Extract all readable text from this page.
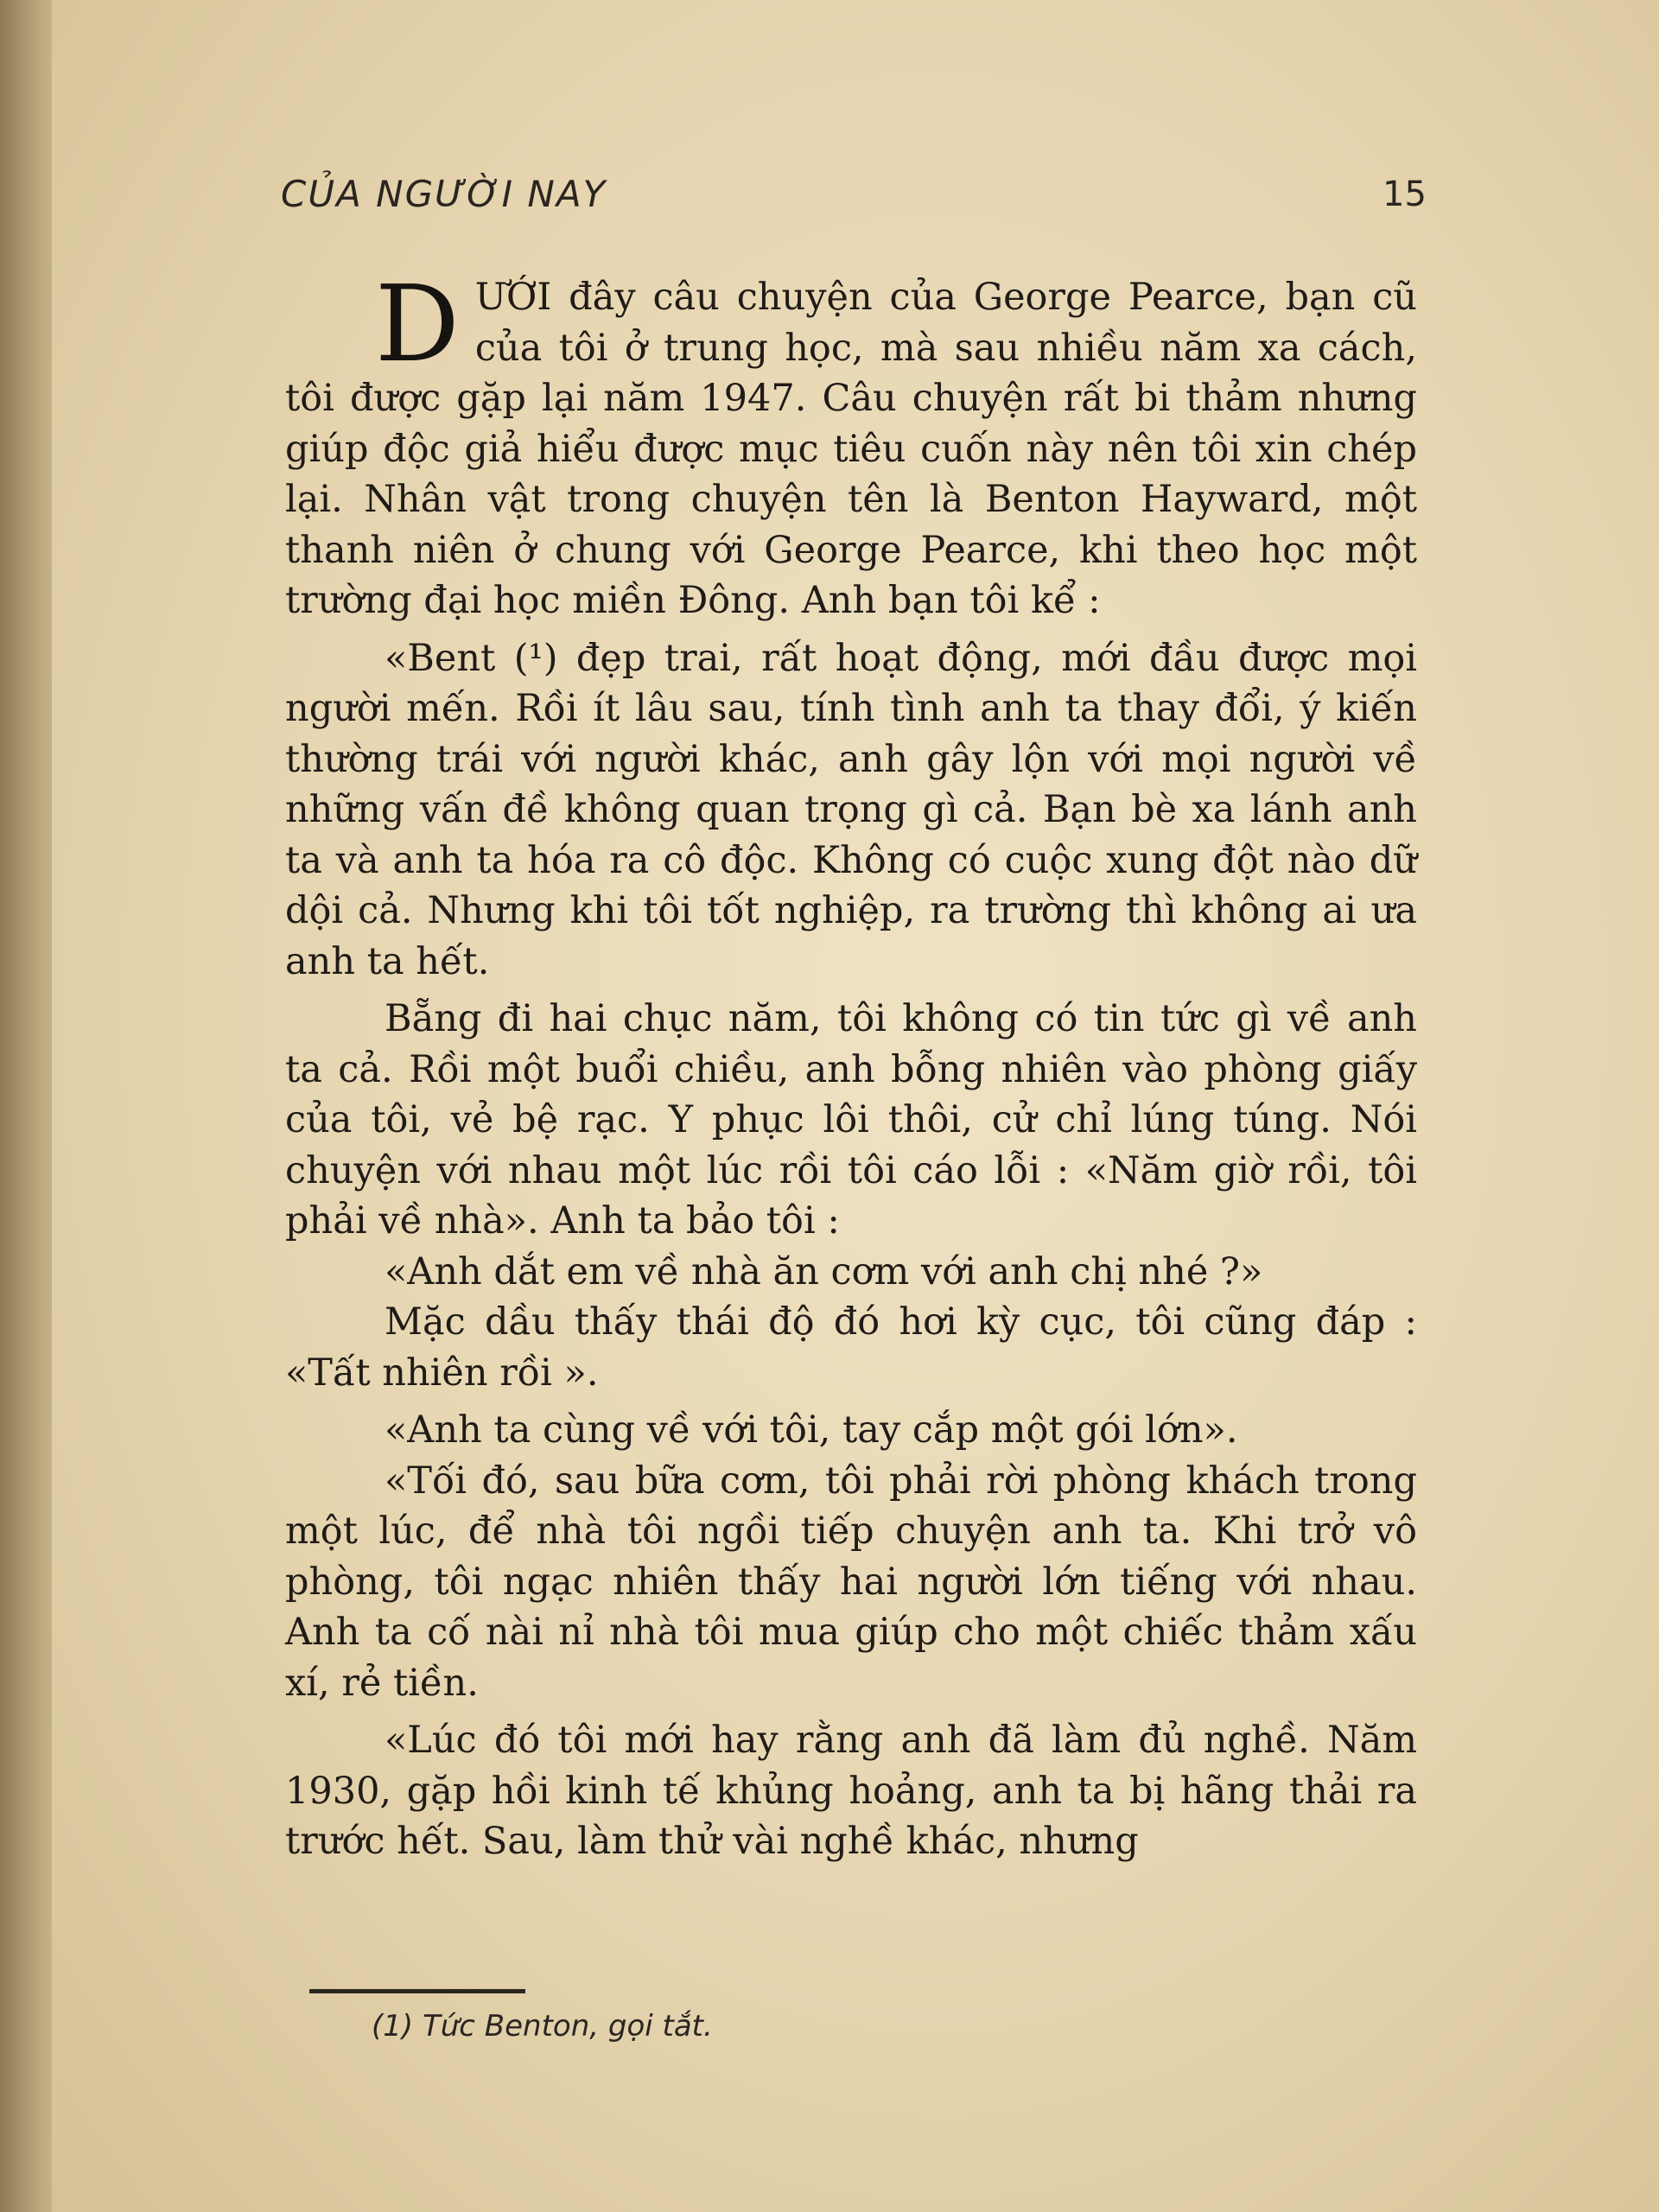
CỦA NGƯỜI NAY	15

DƯỚI đây câu chuyện của George Pearce, bạn cũ của tôi ở trung học, mà sau nhiều năm xa cách, tôi được gặp lại năm 1947. Câu chuyện rất bi thảm nhưng giúp độc giả hiểu được mục tiêu cuốn này nên tôi xin chép lại. Nhân vật trong chuyện tên là Benton Hayward, một thanh niên ở chung với George Pearce, khi theo học một trường đại học miền Đông. Anh bạn tôi kể :

«Bent (¹) đẹp trai, rất hoạt động, mới đầu được mọi người mến. Rồi ít lâu sau, tính tình anh ta thay đổi, ý kiến thường trái với người khác, anh gây lộn với mọi người về những vấn đề không quan trọng gì cả. Bạn bè xa lánh anh ta và anh ta hóa ra cô độc. Không có cuộc xung đột nào dữ dội cả. Nhưng khi tôi tốt nghiệp, ra trường thì không ai ưa anh ta hết.

Bẵng đi hai chục năm, tôi không có tin tức gì về anh ta cả. Rồi một buổi chiều, anh bỗng nhiên vào phòng giấy của tôi, vẻ bệ rạc. Y phục lôi thôi, cử chỉ lúng túng. Nói chuyện với nhau một lúc rồi tôi cáo lỗi : «Năm giờ rồi, tôi phải về nhà». Anh ta bảo tôi :

«Anh dắt em về nhà ăn cơm với anh chị nhé ?»

Mặc dầu thấy thái độ đó hơi kỳ cục, tôi cũng đáp : «Tất nhiên rồi ».

«Anh ta cùng về với tôi, tay cắp một gói lớn».

«Tối đó, sau bữa cơm, tôi phải rời phòng khách trong một lúc, để nhà tôi ngồi tiếp chuyện anh ta. Khi trở vô phòng, tôi ngạc nhiên thấy hai người lớn tiếng với nhau. Anh ta cố nài nỉ nhà tôi mua giúp cho một chiếc thảm xấu xí, rẻ tiền.

«Lúc đó tôi mới hay rằng anh đã làm đủ nghề. Năm 1930, gặp hồi kinh tế khủng hoảng, anh ta bị hãng thải ra trước hết. Sau, làm thử vài nghề khác, nhưng

(1) Tức Benton, gọi tắt.
